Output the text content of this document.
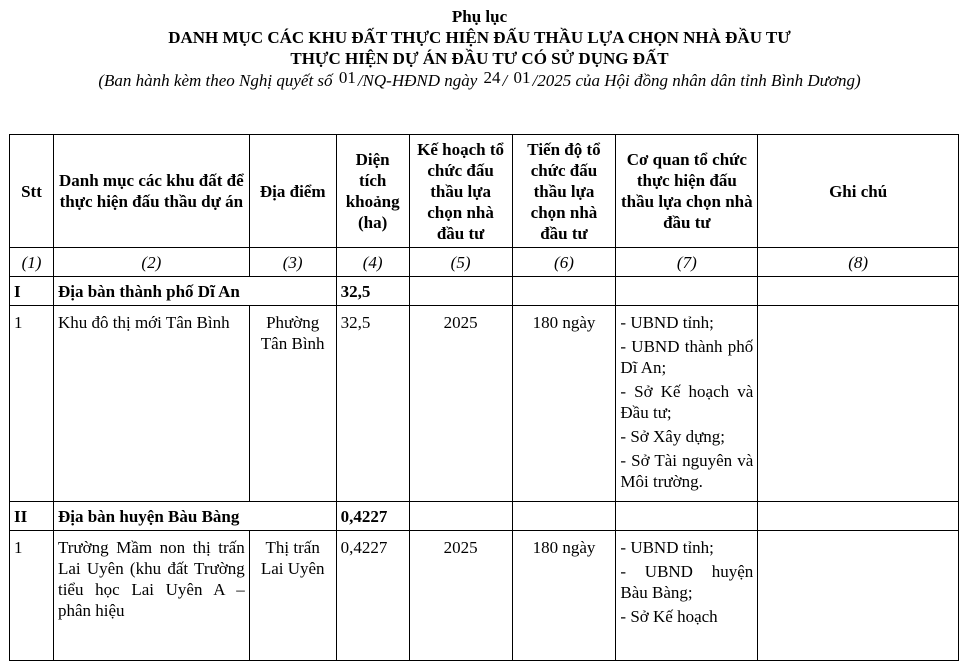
Phụ lục
DANH MỤC CÁC KHU ĐẤT THỰC HIỆN ĐẤU THẦU LỰA CHỌN NHÀ ĐẦU TƯ
THỰC HIỆN DỰ ÁN ĐẦU TƯ CÓ SỬ DỤNG ĐẤT
(Ban hành kèm theo Nghị quyết số 01 /NQ-HĐND ngày 24 / 01 /2025 của Hội đồng nhân dân tỉnh Bình Dương)
Stt	Danh mục các khu đất để thực hiện đấu thầu dự án	Địa điểm	Diện tích khoảng (ha)	Kế hoạch tổ chức đấu thầu lựa chọn nhà đầu tư	Tiến độ tổ chức đấu thầu lựa chọn nhà đầu tư	Cơ quan tổ chức thực hiện đấu thầu lựa chọn nhà đầu tư	Ghi chú
(1)	(2)	(3)	(4)	(5)	(6)	(7)	(8)
I	Địa bàn thành phố Dĩ An		32,5				
1	Khu đô thị mới Tân Bình	Phường Tân Bình	32,5	2025	180 ngày	- UBND tỉnh;

- UBND thành phố Dĩ An;

- Sở Kế hoạch và Đầu tư;

- Sở Xây dựng;

- Sở Tài nguyên và Môi trường.	

II	Địa bàn huyện Bàu Bàng		0,4227				
1	Trường Mầm non thị trấn Lai Uyên (khu đất Trường tiểu học Lai Uyên A – phân hiệu	Thị trấn Lai Uyên	0,4227	2025	180 ngày	- UBND tỉnh;

- UBND huyện Bàu Bàng;

- Sở Kế hoạch	
